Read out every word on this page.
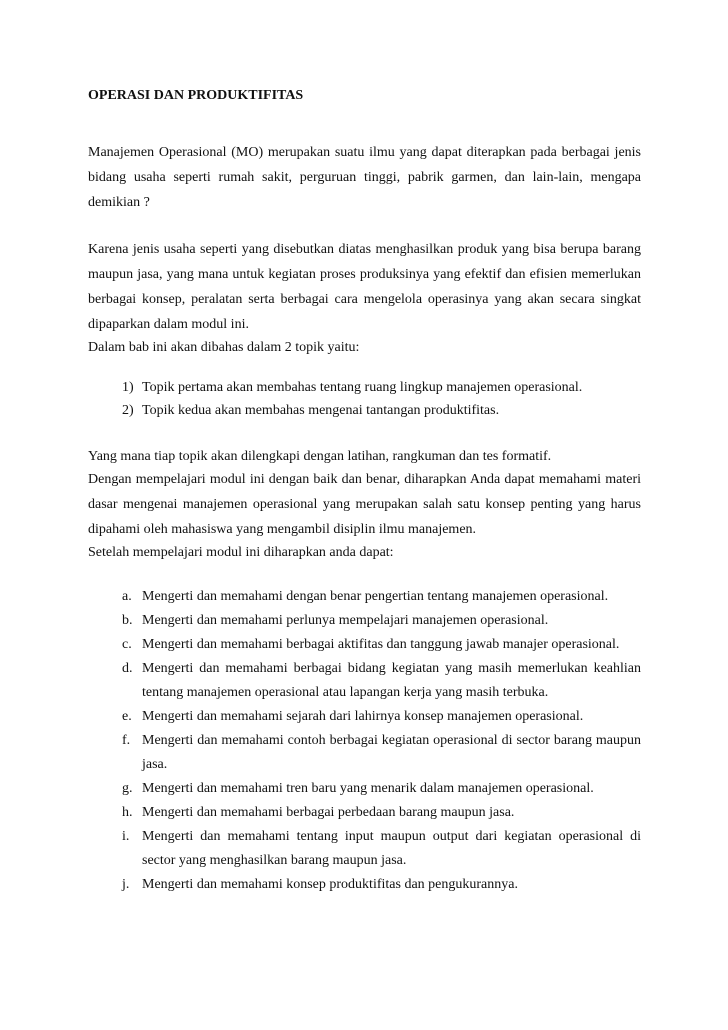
OPERASI DAN PRODUKTIFITAS

Manajemen Operasional (MO) merupakan suatu ilmu yang dapat diterapkan pada berbagai jenis bidang usaha seperti rumah sakit, perguruan tinggi, pabrik garmen, dan lain-lain, mengapa demikian ?

Karena jenis usaha seperti yang disebutkan diatas menghasilkan produk yang bisa berupa barang maupun jasa, yang mana untuk kegiatan proses produksinya yang efektif dan efisien memerlukan berbagai konsep, peralatan serta berbagai cara mengelola operasinya yang akan secara singkat dipaparkan dalam modul ini.

Dalam bab ini akan dibahas dalam 2 topik yaitu:

1) Topik pertama akan membahas tentang ruang lingkup manajemen operasional.
2) Topik kedua akan membahas mengenai tantangan produktifitas.

Yang mana tiap topik akan dilengkapi dengan latihan, rangkuman dan tes formatif.

Dengan mempelajari modul ini dengan baik dan benar, diharapkan Anda dapat memahami materi dasar mengenai manajemen operasional yang merupakan salah satu konsep penting yang harus dipahami oleh mahasiswa yang mengambil disiplin ilmu manajemen.

Setelah mempelajari modul ini diharapkan anda dapat:

a. Mengerti dan memahami dengan benar pengertian tentang manajemen operasional.
b. Mengerti dan memahami perlunya mempelajari manajemen operasional.
c. Mengerti dan memahami berbagai aktifitas dan tanggung jawab manajer operasional.
d. Mengerti dan memahami berbagai bidang kegiatan yang masih memerlukan keahlian tentang manajemen operasional atau lapangan kerja yang masih terbuka.
e. Mengerti dan memahami sejarah dari lahirnya konsep manajemen operasional.
f. Mengerti dan memahami contoh berbagai kegiatan operasional di sector barang maupun jasa.
g. Mengerti dan memahami tren baru yang menarik dalam manajemen operasional.
h. Mengerti dan memahami berbagai perbedaan barang maupun jasa.
i. Mengerti dan memahami tentang input maupun output dari kegiatan operasional di sector yang menghasilkan barang maupun jasa.
j. Mengerti dan memahami konsep produktifitas dan pengukurannya.
